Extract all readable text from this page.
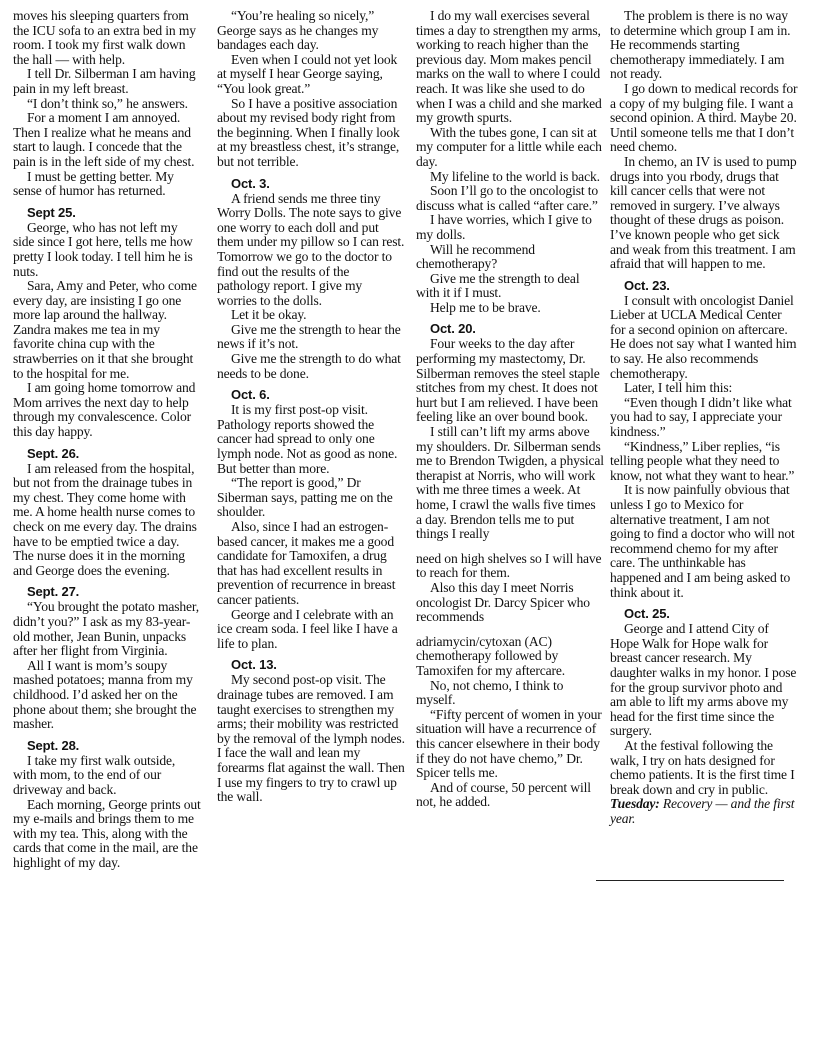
moves his sleeping quarters from the ICU sofa to an extra bed in my room. I took my first walk down the hall — with help.

I tell Dr. Silberman I am having pain in my left breast.

“I don’t think so,” he answers.

For a moment I am annoyed. Then I realize what he means and start to laugh. I concede that the pain is in the left side of my chest.

I must be getting better. My sense of humor has returned.

Sept 25.

George, who has not left my side since I got here, tells me how pretty I look today. I tell him he is nuts.

Sara, Amy and Peter, who come every day, are insisting I go one more lap around the hallway. Zandra makes me tea in my favorite china cup with the strawberries on it that she brought to the hospital for me.

I am going home tomorrow and Mom arrives the next day to help through my convalescence. Color this day happy.

Sept. 26.

I am released from the hospital, but not from the drainage tubes in my chest. They come home with me. A home health nurse comes to check on me every day. The drains have to be emptied twice a day. The nurse does it in the morning and George does the evening.

Sept. 27.

“You brought the potato masher, didn’t you?” I ask as my 83-year-old mother, Jean Bunin, unpacks after her flight from Virginia.

All I want is mom’s soupy mashed potatoes; manna from my childhood. I’d asked her on the phone about them; she brought the masher.

Sept. 28.

I take my first walk outside, with mom, to the end of our driveway and back.

Each morning, George prints out my e-mails and brings them to me with my tea. This, along with the cards that come in the mail, are the highlight of my day.

“You’re healing so nicely,” George says as he changes my bandages each day.

Even when I could not yet look at myself I hear George saying, “You look great.”

So I have a positive association about my revised body right from the beginning. When I finally look at my breastless chest, it’s strange, but not terrible.

Oct. 3.

A friend sends me three tiny Worry Dolls. The note says to give one worry to each doll and put them under my pillow so I can rest. Tomorrow we go to the doctor to find out the results of the pathology report. I give my worries to the dolls.

Let it be okay.

Give me the strength to hear the news if it’s not.

Give me the strength to do what needs to be done.

Oct. 6.

It is my first post-op visit. Pathology reports showed the cancer had spread to only one lymph node. Not as good as none. But better than more.

“The report is good,” Dr Siberman says, patting me on the shoulder.

Also, since I had an estrogen-based cancer, it makes me a good candidate for Tamoxifen, a drug that has had excellent results in prevention of recurrence in breast cancer patients.

George and I celebrate with an ice cream soda. I feel like I have a life to plan.

Oct. 13.

My second post-op visit. The drainage tubes are removed. I am taught exercises to strengthen my arms; their mobility was restricted by the removal of the lymph nodes. I face the wall and lean my forearms flat against the wall. Then I use my fingers to try to crawl up the wall.

I do my wall exercises several times a day to strengthen my arms, working to reach higher than the previous day. Mom makes pencil marks on the wall to where I could reach. It was like she used to do when I was a child and she marked my growth spurts.

With the tubes gone, I can sit at my computer for a little while each day.

My lifeline to the world is back.

Soon I’ll go to the oncologist to discuss what is called “after care.”

I have worries, which I give to my dolls.

Will he recommend chemotherapy?

Give me the strength to deal with it if I must.

Help me to be brave.

Oct. 20.

Four weeks to the day after performing my mastectomy, Dr. Silberman removes the steel staple stitches from my chest. It does not hurt but I am relieved. I have been feeling like an over bound book.

I still can’t lift my arms above my shoulders. Dr. Silberman sends me to Brendon Twigden, a physical therapist at Norris, who will work with me three times a week. At home, I crawl the walls five times a day. Brendon tells me to put things I really

need on high shelves so I will have to reach for them.

Also this day I meet Norris oncologist Dr. Darcy Spicer who recommends

adriamycin/cytoxan (AC) chemotherapy followed by Tamoxifen for my aftercare.

No, not chemo, I think to myself.

“Fifty percent of women in your situation will have a recurrence of this cancer elsewhere in their body if they do not have chemo,” Dr. Spicer tells me.

And of course, 50 percent will not, he added.

The problem is there is no way to determine which group I am in. He recommends starting chemotherapy immediately. I am not ready.

I go down to medical records for a copy of my bulging file. I want a second opinion. A third. Maybe 20. Until someone tells me that I don’t need chemo.

In chemo, an IV is used to pump drugs into you rbody, drugs that kill cancer cells that were not removed in surgery. I’ve always thought of these drugs as poison. I’ve known people who get sick and weak from this treatment. I am afraid that will happen to me.

Oct. 23.

I consult with oncologist Daniel Lieber at UCLA Medical Center for a second opinion on aftercare. He does not say what I wanted him to say. He also recommends chemotherapy.

Later, I tell him this:

“Even though I didn’t like what you had to say, I appreciate your kindness.”

“Kindness,” Liber replies, “is telling people what they need to know, not what they want to hear.”

It is now painfully obvious that unless I go to Mexico for alternative treatment, I am not going to find a doctor who will not recommend chemo for my after care. The unthinkable has happened and I am being asked to think about it.

Oct. 25.

George and I attend City of Hope Walk for Hope walk for breast cancer research. My daughter walks in my honor. I pose for the group survivor photo and am able to lift my arms above my head for the first time since the surgery.

At the festival following the walk, I try on hats designed for chemo patients. It is the first time I break down and cry in public.

Tuesday: Recovery — and the first year.
